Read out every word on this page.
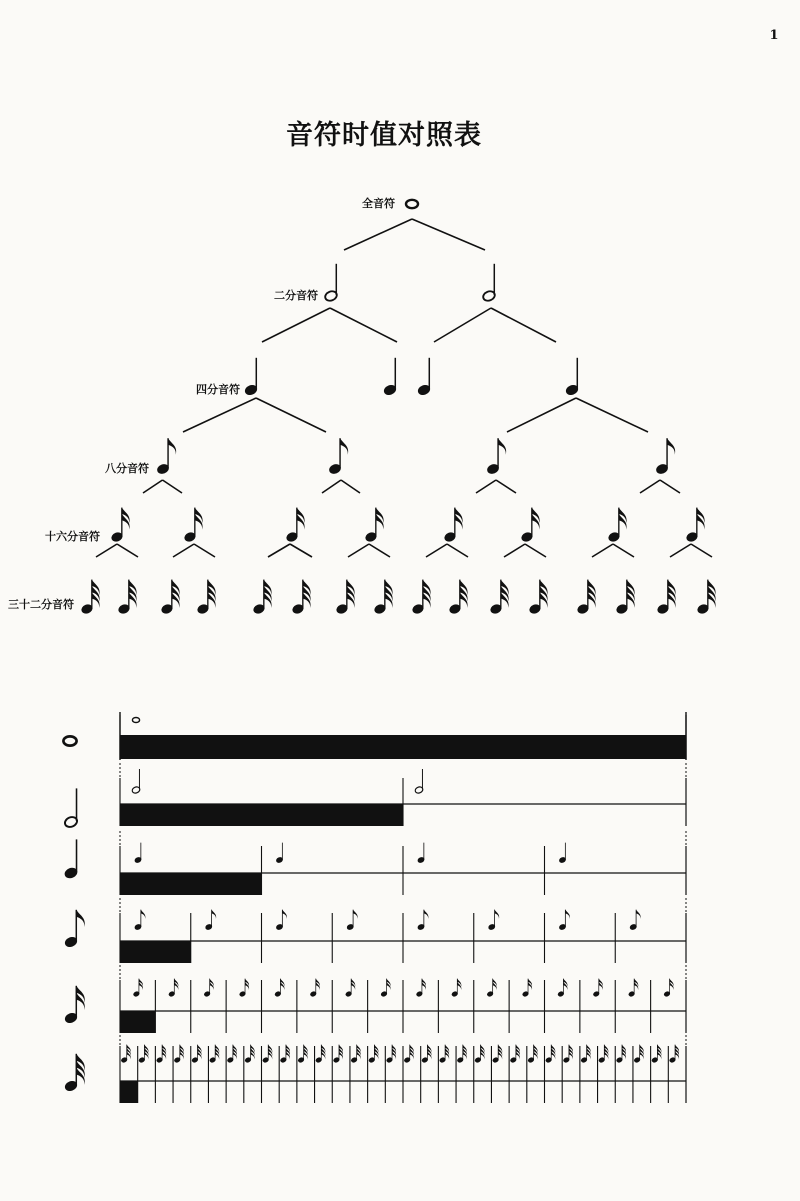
1
音符时值对照表
全音符
二分音符
四分音符
八分音符
十六分音符
三十二分音符
